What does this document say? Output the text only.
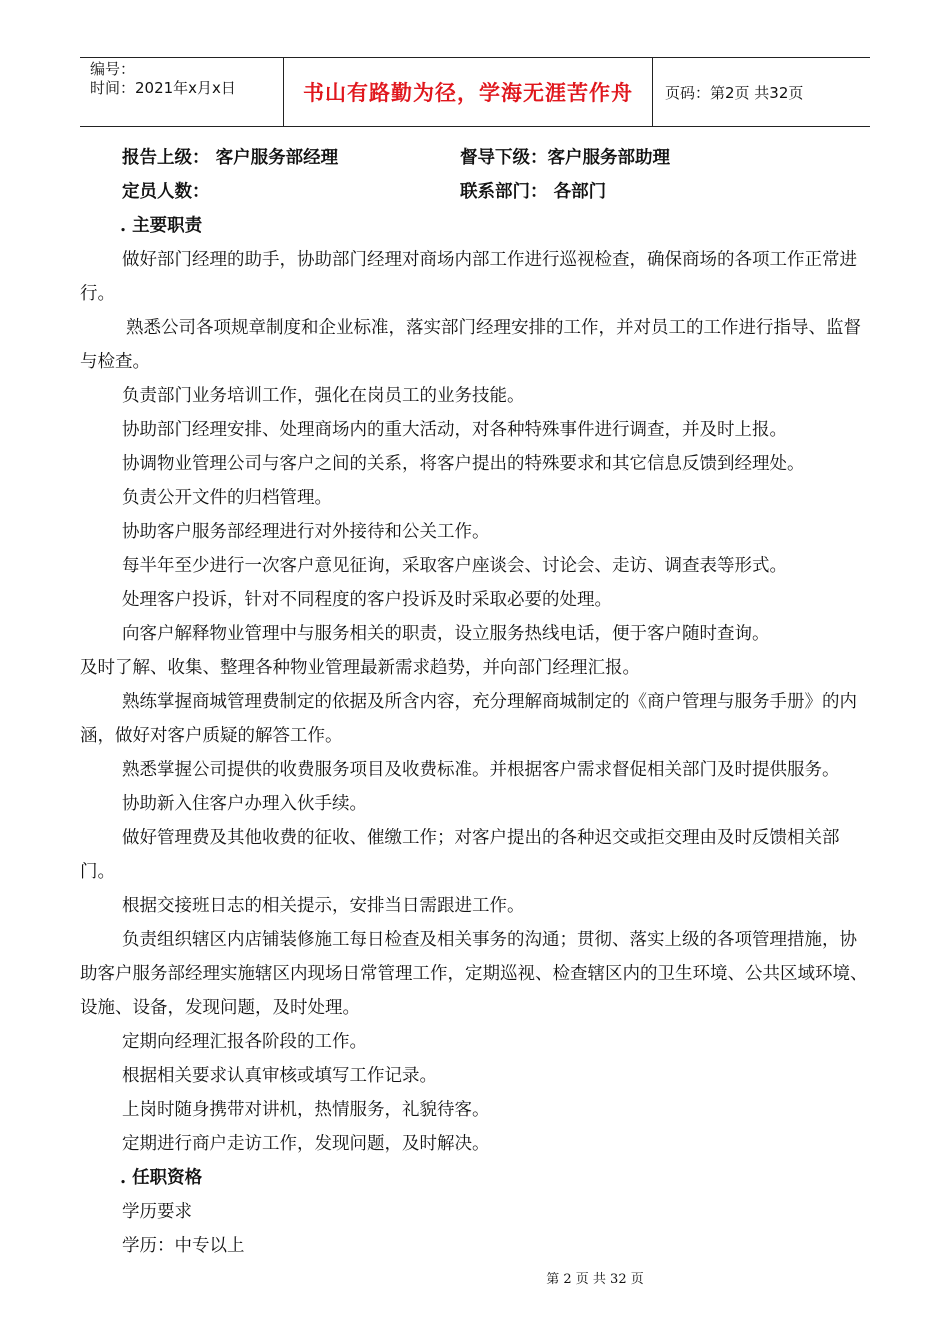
编号：
时间：2021年x月x日	书山有路勤为径，学海无涯苦作舟	页码：第2页 共32页
报告上级： 客户服务部经理	督导下级：客户服务部助理
定员人数：	联系部门： 各部门
. 主要职责

做好部门经理的助手，协助部门经理对商场内部工作进行巡视检查，确保商场的各项工作正常进行。

熟悉公司各项规章制度和企业标准，落实部门经理安排的工作，并对员工的工作进行指导、监督与检查。

负责部门业务培训工作，强化在岗员工的业务技能。

协助部门经理安排、处理商场内的重大活动，对各种特殊事件进行调查，并及时上报。

协调物业管理公司与客户之间的关系，将客户提出的特殊要求和其它信息反馈到经理处。

负责公开文件的归档管理。

协助客户服务部经理进行对外接待和公关工作。

每半年至少进行一次客户意见征询，采取客户座谈会、讨论会、走访、调查表等形式。

处理客户投诉，针对不同程度的客户投诉及时采取必要的处理。

向客户解释物业管理中与服务相关的职责，设立服务热线电话，便于客户随时查询。

及时了解、收集、整理各种物业管理最新需求趋势，并向部门经理汇报。

熟练掌握商城管理费制定的依据及所含内容，充分理解商城制定的《商户管理与服务手册》的内涵，做好对客户质疑的解答工作。

熟悉掌握公司提供的收费服务项目及收费标准。并根据客户需求督促相关部门及时提供服务。

协助新入住客户办理入伙手续。

做好管理费及其他收费的征收、催缴工作；对客户提出的各种迟交或拒交理由及时反馈相关部门。

根据交接班日志的相关提示，安排当日需跟进工作。

负责组织辖区内店铺装修施工每日检查及相关事务的沟通；贯彻、落实上级的各项管理措施，协助客户服务部经理实施辖区内现场日常管理工作，定期巡视、检查辖区内的卫生环境、公共区域环境、设施、设备，发现问题，及时处理。

定期向经理汇报各阶段的工作。

根据相关要求认真审核或填写工作记录。

上岗时随身携带对讲机，热情服务，礼貌待客。

定期进行商户走访工作，发现问题，及时解决。

. 任职资格

学历要求

学历：中专以上

第 2 页 共 32 页
